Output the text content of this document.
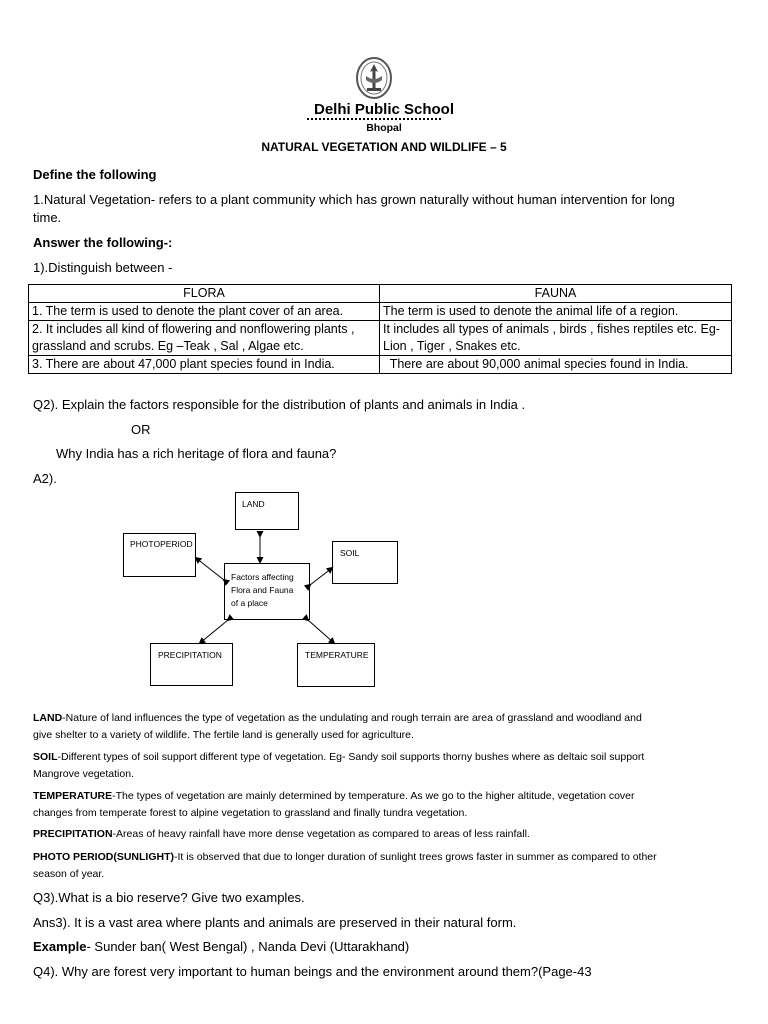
Delhi Public School
Bhopal
NATURAL VEGETATION AND WILDLIFE – 5
Define the following
1.Natural Vegetation- refers to a plant community which has grown naturally without human intervention for long
time.
Answer the following-:
1).Distinguish between -
FLORA	FAUNA
1. The term is used to denote the plant cover of an area.	The term is used to denote the animal life of a region.
2. It includes all kind of flowering and nonflowering plants , grassland and scrubs. Eg –Teak , Sal , Algae etc.	It includes all types of animals , birds , fishes reptiles etc. Eg- Lion , Tiger , Snakes etc.
3. There are about 47,000 plant species found in India.	There are about 90,000 animal species found in India.
Q2). Explain the factors responsible for the distribution of plants and animals in India .
OR
Why India has a rich heritage of flora and fauna?
A2).
LAND
PHOTOPERIOD
SOIL
Factors affecting
Flora and Fauna
of a place
PRECIPITATION	TEMPERATURE
LAND-Nature of land influences the type of vegetation as the undulating and rough terrain are area of grassland and woodland and
give shelter to a variety of wildlife. The fertile land is generally used for agriculture.
SOIL-Different types of soil support different type of vegetation. Eg- Sandy soil supports thorny bushes where as deltaic soil support
Mangrove vegetation.
TEMPERATURE-The types of vegetation are mainly determined by temperature. As we go to the higher altitude, vegetation cover
changes from temperate forest to alpine vegetation to grassland and finally tundra vegetation.
PRECIPITATION-Areas of heavy rainfall have more dense vegetation as compared to areas of less rainfall.
PHOTO PERIOD(SUNLIGHT)-It is observed that due to longer duration of sunlight trees grows faster in summer as compared to other
season of year.
Q3).What is a bio reserve? Give two examples.
Ans3). It is a vast area where plants and animals are preserved in their natural form.
Example- Sunder ban( West Bengal) , Nanda Devi (Uttarakhand)
Q4). Why are forest very important to human beings and the environment around them?(Page-43
